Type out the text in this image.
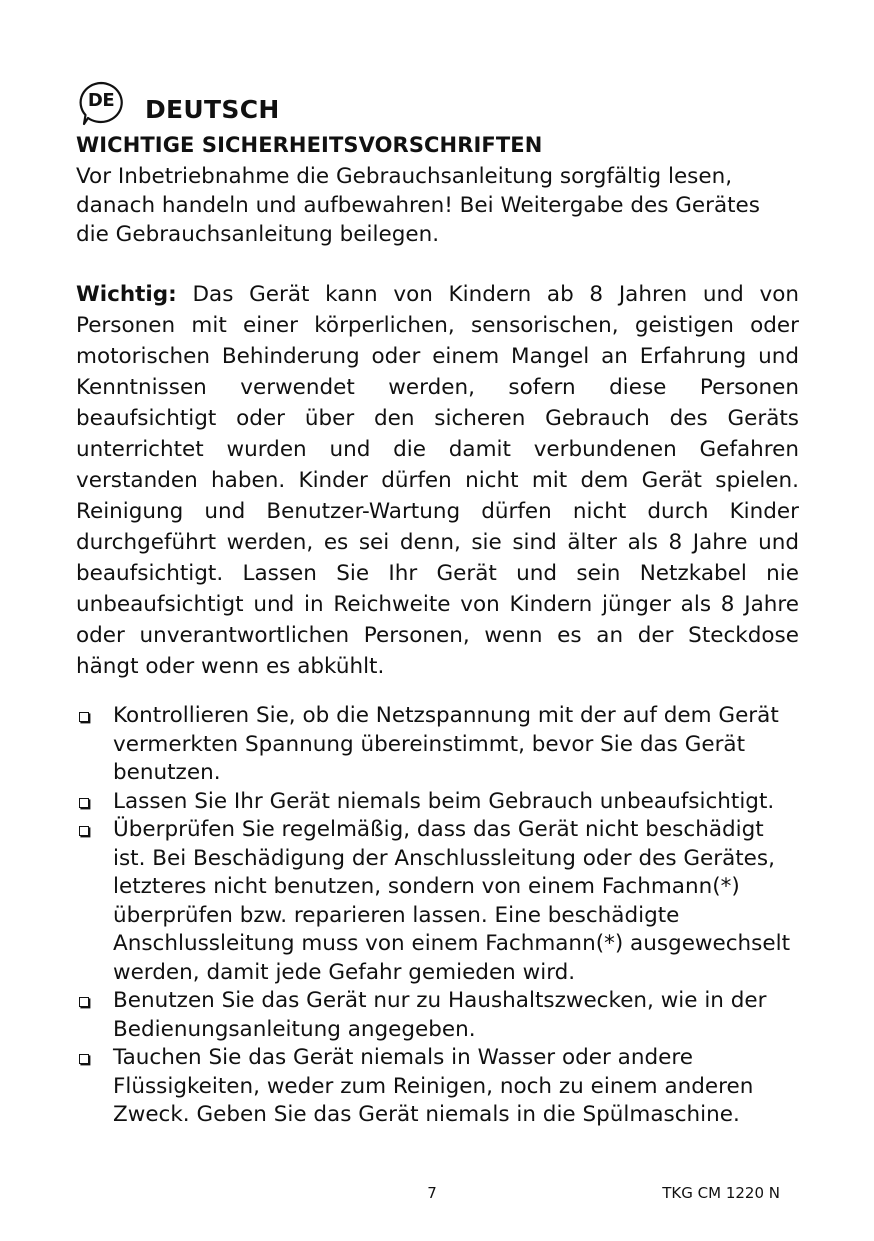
DE	DEUTSCH
WICHTIGE SICHERHEITSVORSCHRIFTEN
Vor Inbetriebnahme die Gebrauchsanleitung sorgfältig lesen, danach handeln und aufbewahren! Bei Weitergabe des Gerätes die Gebrauchsanleitung beilegen.
Wichtig: Das Gerät kann von Kindern ab 8 Jahren und von Personen mit einer körperlichen, sensorischen, geistigen oder motorischen Behinderung oder einem Mangel an Erfahrung und Kenntnissen verwendet werden, sofern diese Personen beaufsichtigt oder über den sicheren Gebrauch des Geräts unterrichtet wurden und die damit verbundenen Gefahren verstanden haben. Kinder dürfen nicht mit dem Gerät spielen. Reinigung und Benutzer-Wartung dürfen nicht durch Kinder durchgeführt werden, es sei denn, sie sind älter als 8 Jahre und beaufsichtigt. Lassen Sie Ihr Gerät und sein Netzkabel nie unbeaufsichtigt und in Reichweite von Kindern jünger als 8 Jahre oder unverantwortlichen Personen, wenn es an der Steckdose hängt oder wenn es abkühlt.
Kontrollieren Sie, ob die Netzspannung mit der auf dem Gerät vermerkten Spannung übereinstimmt, bevor Sie das Gerät benutzen.
Lassen Sie Ihr Gerät niemals beim Gebrauch unbeaufsichtigt.
Überprüfen Sie regelmäßig, dass das Gerät nicht beschädigt ist. Bei Beschädigung der Anschlussleitung oder des Gerätes, letzteres nicht benutzen, sondern von einem Fachmann(*) überprüfen bzw. reparieren lassen. Eine beschädigte Anschlussleitung muss von einem Fachmann(*) ausgewechselt werden, damit jede Gefahr gemieden wird.
Benutzen Sie das Gerät nur zu Haushaltszwecken, wie in der Bedienungsanleitung angegeben.
Tauchen Sie das Gerät niemals in Wasser oder andere Flüssigkeiten, weder zum Reinigen, noch zu einem anderen Zweck. Geben Sie das Gerät niemals in die Spülmaschine.
7	TKG CM 1220 N
